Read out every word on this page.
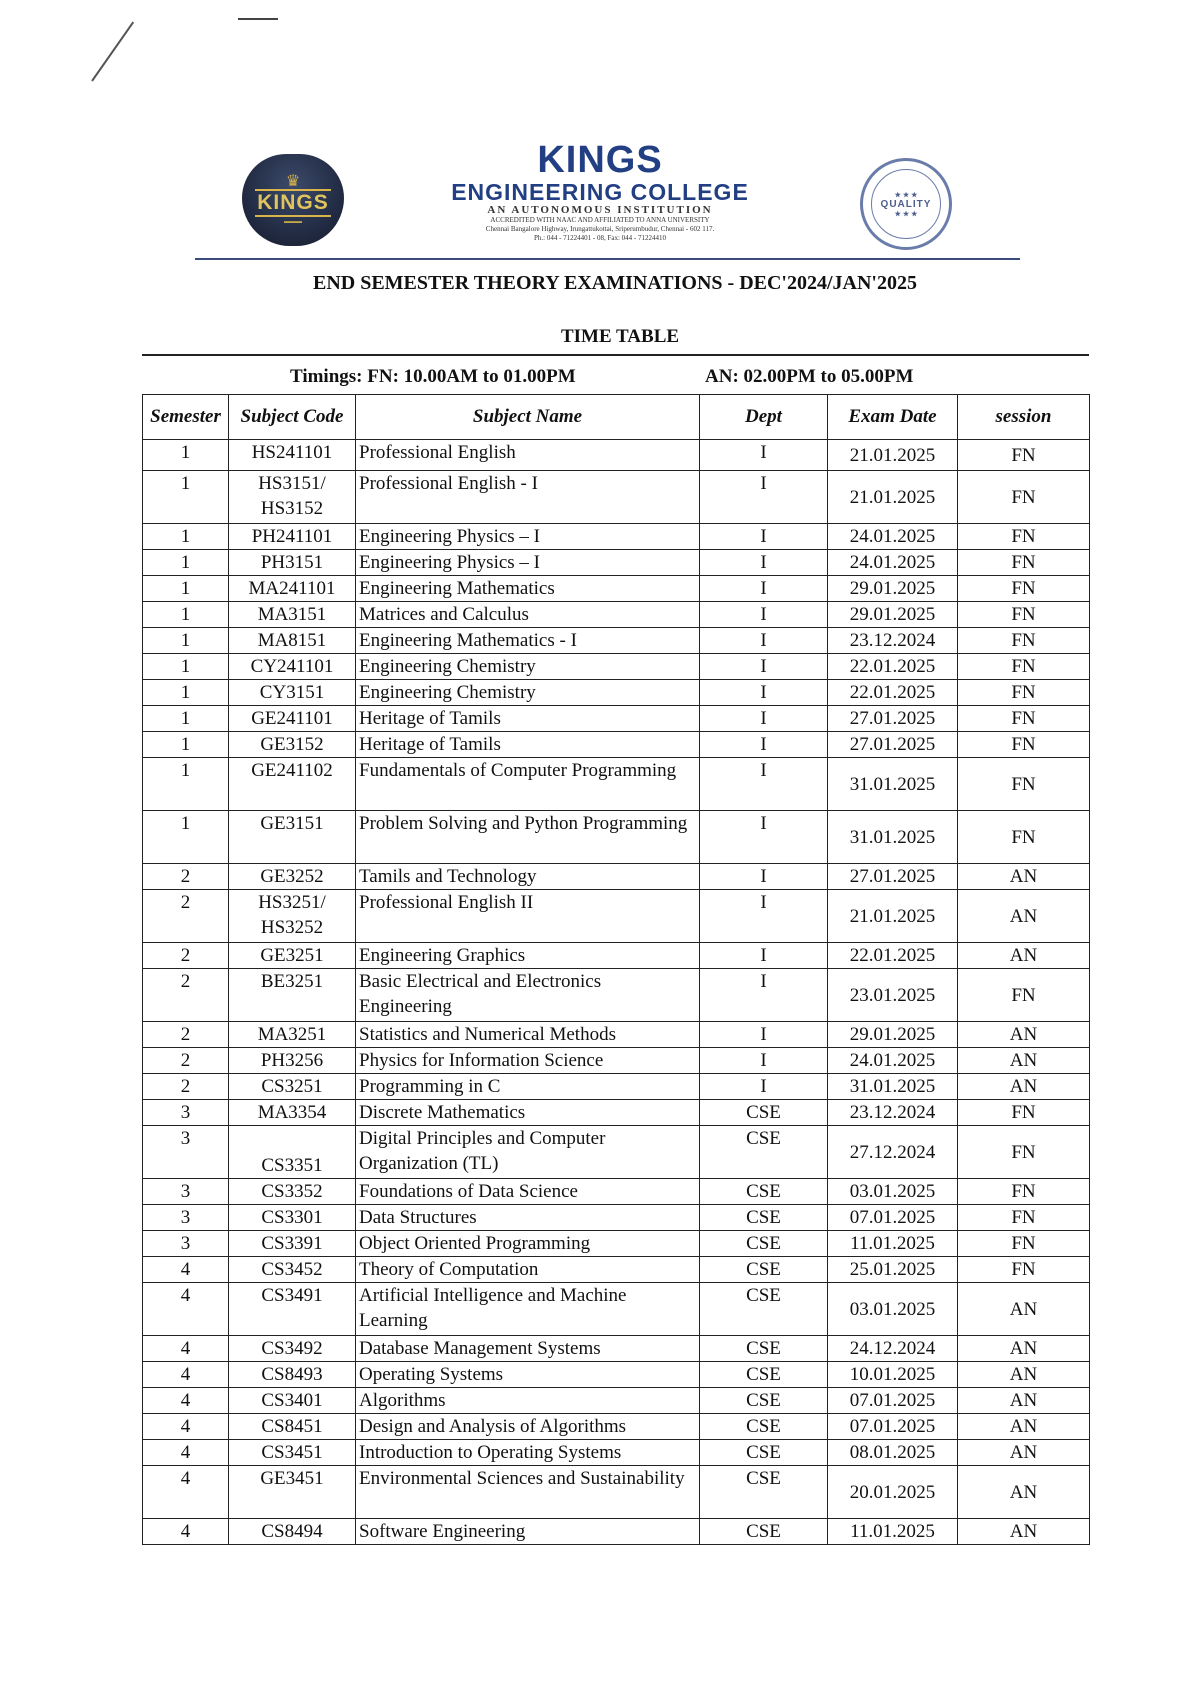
♛
KINGS
▬▬▬
KINGS
ENGINEERING COLLEGE
AN AUTONOMOUS INSTITUTION
ACCREDITED WITH NAAC AND AFFILIATED TO ANNA UNIVERSITY
Chennai Bangalore Highway, Irungattukottai, Sriperumbudur, Chennai - 602 117.
Ph.: 044 - 71224401 - 08, Fax: 044 - 71224410
★ ★ ★
QUALITY
★ ★ ★
END SEMESTER THEORY EXAMINATIONS - DEC'2024/JAN'2025
TIME TABLE
Timings: FN: 10.00AM to 01.00PM	AN: 02.00PM to 05.00PM
Semester	Subject Code	Subject Name	Dept	Exam Date	session
1	HS241101	Professional English	I	21.01.2025	FN
1	HS3151/ HS3152	Professional English - I	I	21.01.2025	FN
1	PH241101	Engineering Physics – I	I	24.01.2025	FN
1	PH3151	Engineering Physics – I	I	24.01.2025	FN
1	MA241101	Engineering Mathematics	I	29.01.2025	FN
1	MA3151	Matrices and Calculus	I	29.01.2025	FN
1	MA8151	Engineering Mathematics - I	I	23.12.2024	FN
1	CY241101	Engineering Chemistry	I	22.01.2025	FN
1	CY3151	Engineering Chemistry	I	22.01.2025	FN
1	GE241101	Heritage of Tamils	I	27.01.2025	FN
1	GE3152	Heritage of Tamils	I	27.01.2025	FN
1	GE241102	Fundamentals of Computer Programming	I	31.01.2025	FN
1	GE3151	Problem Solving and Python Programming	I	31.01.2025	FN
2	GE3252	Tamils and Technology	I	27.01.2025	AN
2	HS3251/ HS3252	Professional English II	I	21.01.2025	AN
2	GE3251	Engineering Graphics	I	22.01.2025	AN
2	BE3251	Basic Electrical and Electronics Engineering	I	23.01.2025	FN
2	MA3251	Statistics and Numerical Methods	I	29.01.2025	AN
2	PH3256	Physics for Information Science	I	24.01.2025	AN
2	CS3251	Programming in C	I	31.01.2025	AN
3	MA3354	Discrete Mathematics	CSE	23.12.2024	FN
3	CS3351	Digital Principles and Computer Organization (TL)	CSE	27.12.2024	FN
3	CS3352	Foundations of Data Science	CSE	03.01.2025	FN
3	CS3301	Data Structures	CSE	07.01.2025	FN
3	CS3391	Object Oriented Programming	CSE	11.01.2025	FN
4	CS3452	Theory of Computation	CSE	25.01.2025	FN
4	CS3491	Artificial Intelligence and Machine Learning	CSE	03.01.2025	AN
4	CS3492	Database Management Systems	CSE	24.12.2024	AN
4	CS8493	Operating Systems	CSE	10.01.2025	AN
4	CS3401	Algorithms	CSE	07.01.2025	AN
4	CS8451	Design and Analysis of Algorithms	CSE	07.01.2025	AN
4	CS3451	Introduction to Operating Systems	CSE	08.01.2025	AN
4	GE3451	Environmental Sciences and Sustainability	CSE	20.01.2025	AN
4	CS8494	Software Engineering	CSE	11.01.2025	AN
